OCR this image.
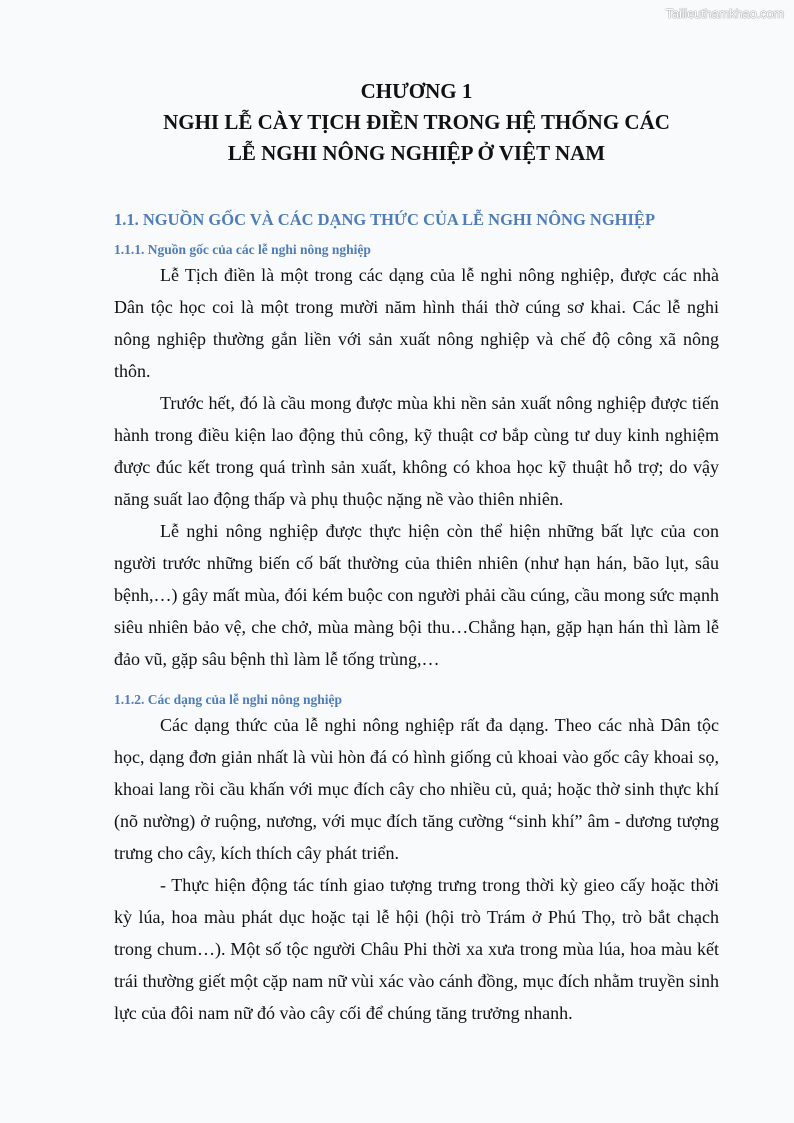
Tailieuthamkhao.com
CHƯƠNG 1
NGHI LỄ CÀY TỊCH ĐIỀN TRONG HỆ THỐNG CÁC
LỄ NGHI NÔNG NGHIỆP Ở VIỆT NAM
1.1. NGUỒN GỐC VÀ CÁC DẠNG THỨC CỦA LỄ NGHI NÔNG NGHIỆP
1.1.1. Nguồn gốc của các lễ nghi nông nghiệp

Lễ Tịch điền là một trong các dạng của lễ nghi nông nghiệp, được các nhà Dân tộc học coi là một trong mười năm hình thái thờ cúng sơ khai. Các lễ nghi nông nghiệp thường gắn liền với sản xuất nông nghiệp và chế độ công xã nông thôn.

Trước hết, đó là cầu mong được mùa khi nền sản xuất nông nghiệp được tiến hành trong điều kiện lao động thủ công, kỹ thuật cơ bắp cùng tư duy kinh nghiệm được đúc kết trong quá trình sản xuất, không có khoa học kỹ thuật hỗ trợ; do vậy năng suất lao động thấp và phụ thuộc nặng nề vào thiên nhiên.

Lễ nghi nông nghiệp được thực hiện còn thể hiện những bất lực của con người trước những biến cố bất thường của thiên nhiên (như hạn hán, bão lụt, sâu bệnh,…) gây mất mùa, đói kém buộc con người phải cầu cúng, cầu mong sức mạnh siêu nhiên bảo vệ, che chở, mùa màng bội thu…Chẳng hạn, gặp hạn hán thì làm lễ đảo vũ, gặp sâu bệnh thì làm lễ tống trùng,…

1.1.2. Các dạng của lễ nghi nông nghiệp

Các dạng thức của lễ nghi nông nghiệp rất đa dạng. Theo các nhà Dân tộc học, dạng đơn giản nhất là vùi hòn đá có hình giống củ khoai vào gốc cây khoai sọ, khoai lang rồi cầu khấn với mục đích cây cho nhiều củ, quả; hoặc thờ sinh thực khí (nõ nường) ở ruộng, nương, với mục đích tăng cường “sinh khí” âm - dương tượng trưng cho cây, kích thích cây phát triển.

- Thực hiện động tác tính giao tượng trưng trong thời kỳ gieo cấy hoặc thời kỳ lúa, hoa màu phát dục hoặc tại lễ hội (hội trò Trám ở Phú Thọ, trò bắt chạch trong chum…). Một số tộc người Châu Phi thời xa xưa trong mùa lúa, hoa màu kết trái thường giết một cặp nam nữ vùi xác vào cánh đồng, mục đích nhằm truyền sinh lực của đôi nam nữ đó vào cây cối để chúng tăng trưởng nhanh.
